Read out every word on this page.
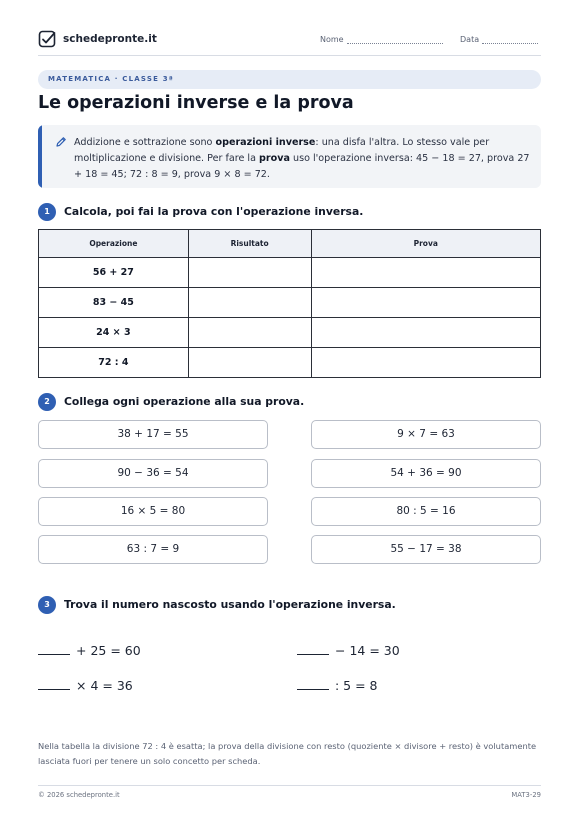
schedepronte.it	Nome	Data
MATEMATICA · CLASSE 3ª
Le operazioni inverse e la prova

Addizione e sottrazione sono operazioni inverse: una disfa l'altra. Lo stesso vale per moltiplicazione e divisione. Per fare la prova uso l'operazione inversa: 45 − 18 = 27, prova 27 + 18 = 45; 72 : 8 = 9, prova 9 × 8 = 72.

1	Calcola, poi fai la prova con l'operazione inversa.
Operazione	Risultato	Prova
56 + 27		
83 − 45		
24 × 3		
72 : 4		
2	Collega ogni operazione alla sua prova.
38 + 17 = 55
90 − 36 = 54
16 × 5 = 80
63 : 7 = 9
9 × 7 = 63
54 + 36 = 90
80 : 5 = 16
55 − 17 = 38
3	Trova il numero nascosto usando l'operazione inversa.
+ 25 = 60	− 14 = 30
× 4 = 36	: 5 = 8

Nella tabella la divisione 72 : 4 è esatta; la prova della divisione con resto (quoziente × divisore + resto) è volutamente lasciata fuori per tenere un solo concetto per scheda.

© 2026 schedepronte.it	MAT3-29
